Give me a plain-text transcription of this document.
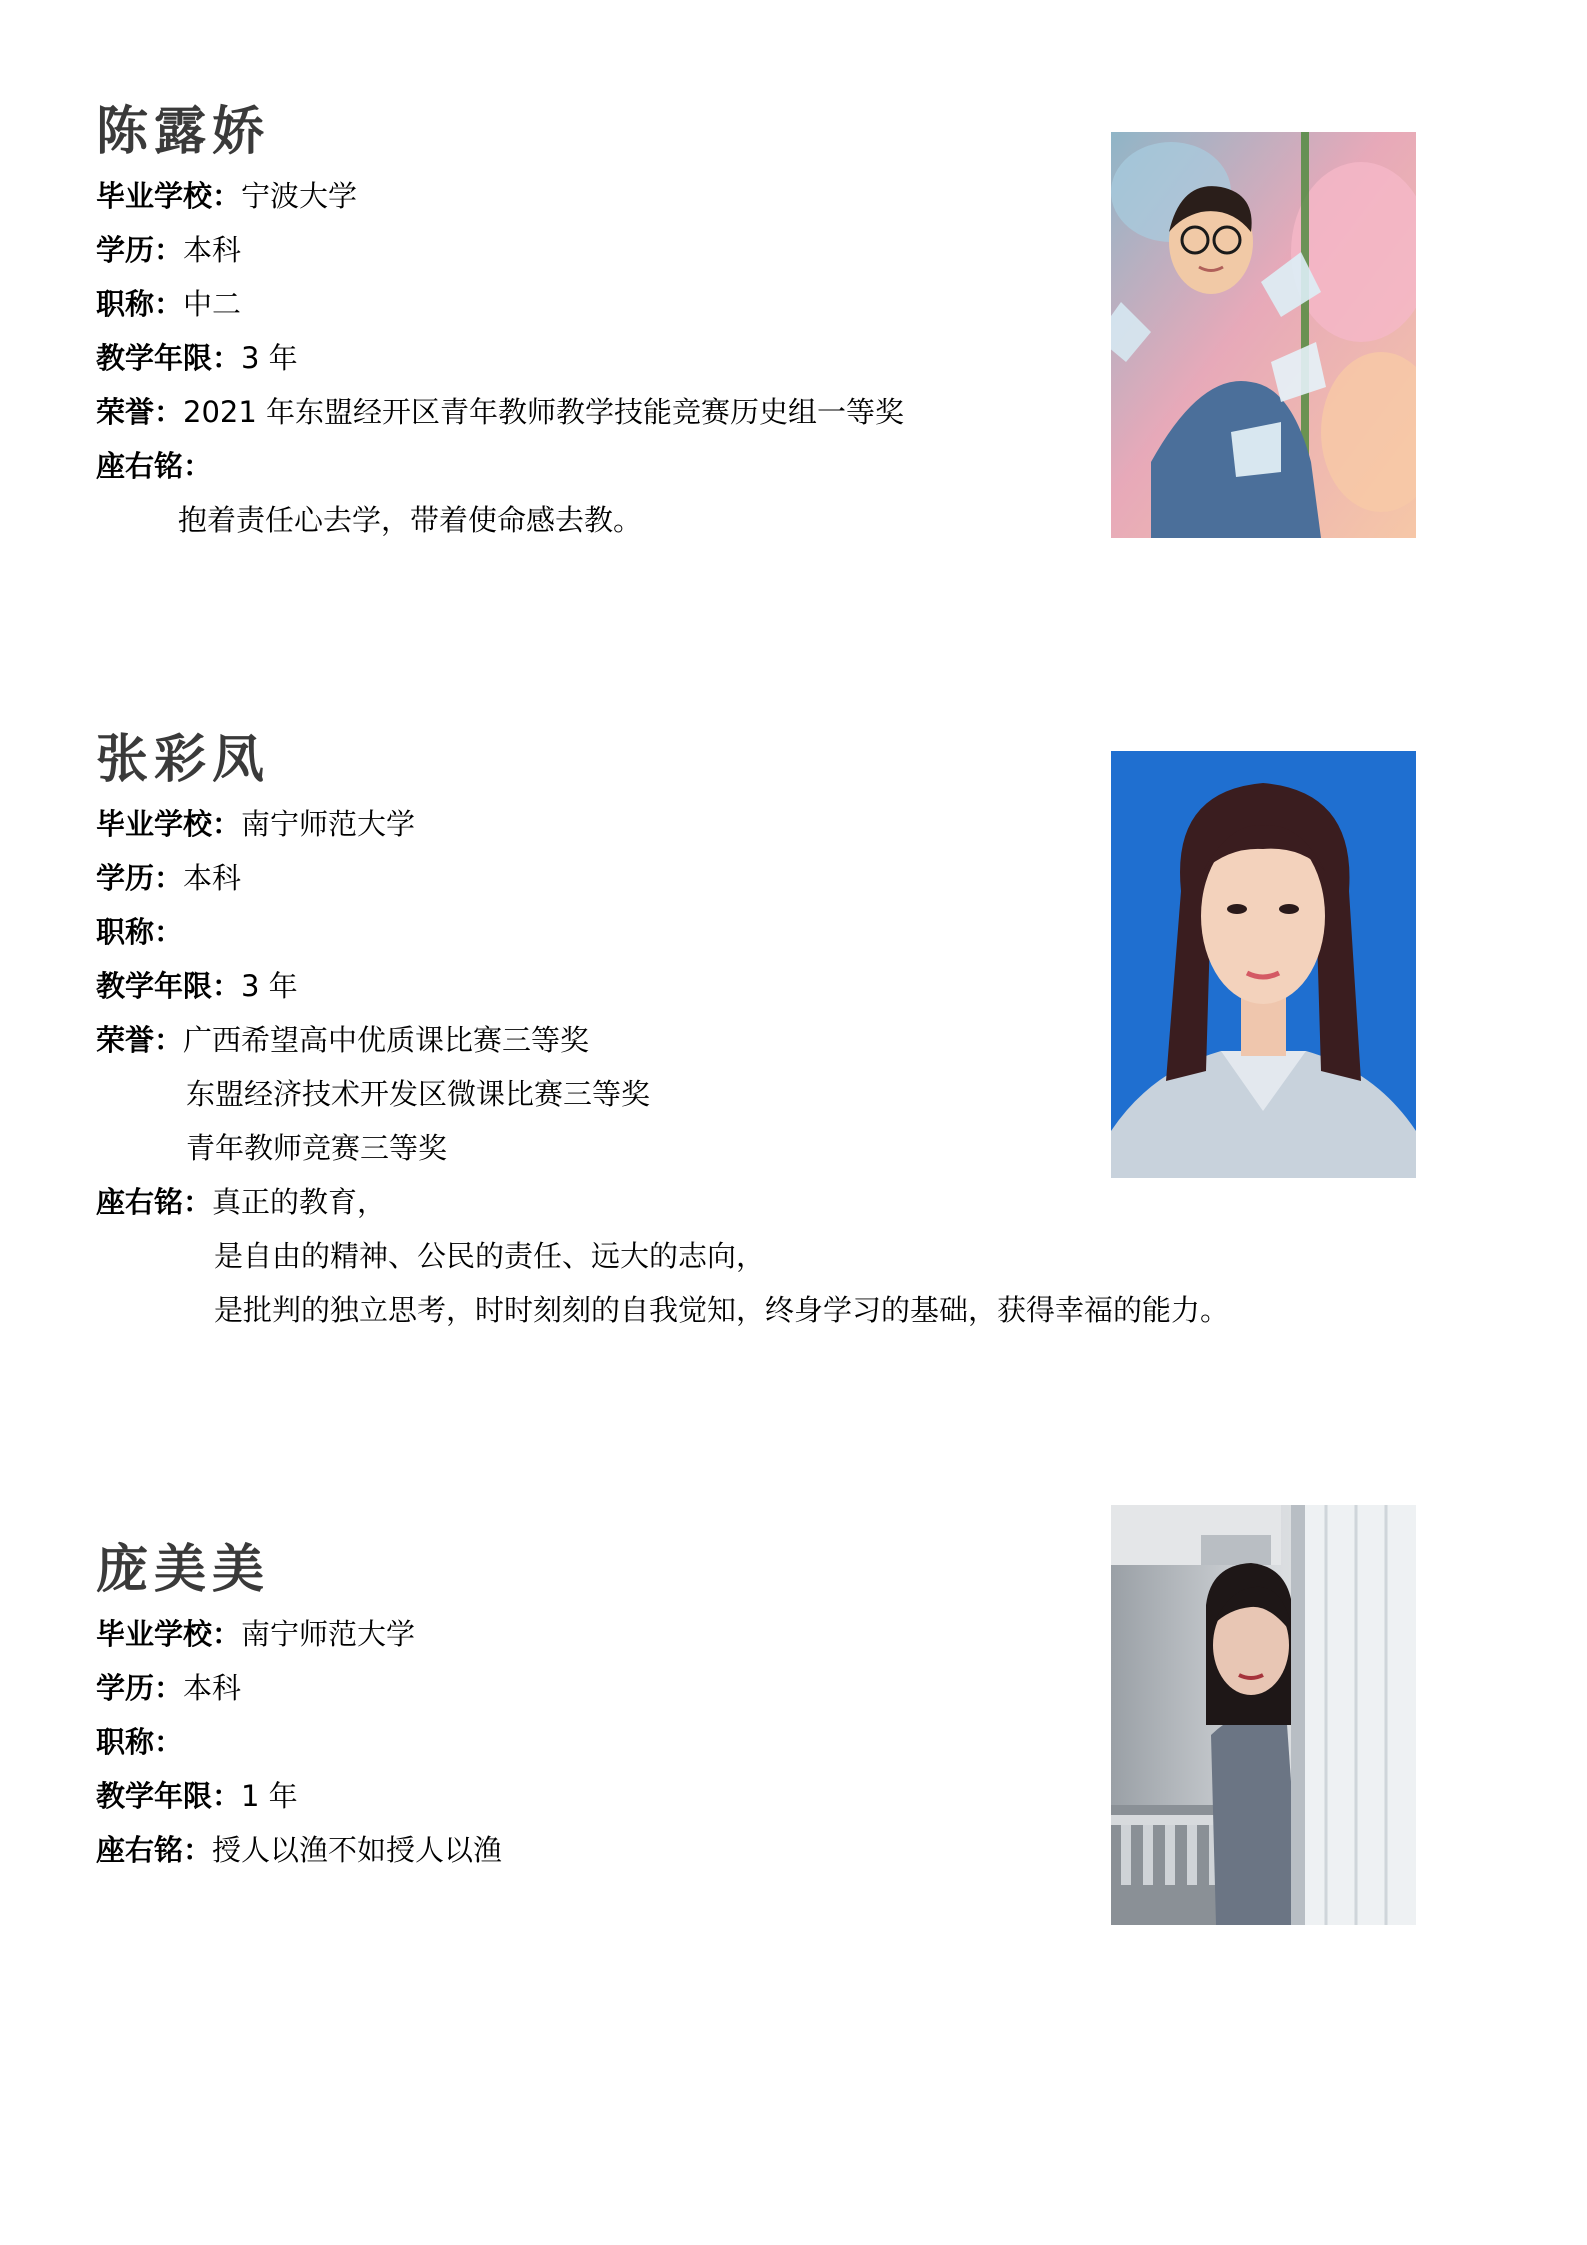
陈露娇
毕业学校：宁波大学
学历：本科
职称：中二
教学年限：3 年
荣誉：2021 年东盟经开区青年教师教学技能竞赛历史组一等奖
座右铭：
抱着责任心去学，带着使命感去教。
张彩凤
毕业学校：南宁师范大学
学历：本科
职称：
教学年限：3 年
荣誉：广西希望高中优质课比赛三等奖
东盟经济技术开发区微课比赛三等奖
青年教师竞赛三等奖
座右铭：真正的教育，
是自由的精神、公民的责任、远大的志向，
是批判的独立思考，时时刻刻的自我觉知，终身学习的基础，获得幸福的能力。
庞美美
毕业学校：南宁师范大学
学历：本科
职称：
教学年限：1 年
座右铭：授人以渔不如授人以渔
